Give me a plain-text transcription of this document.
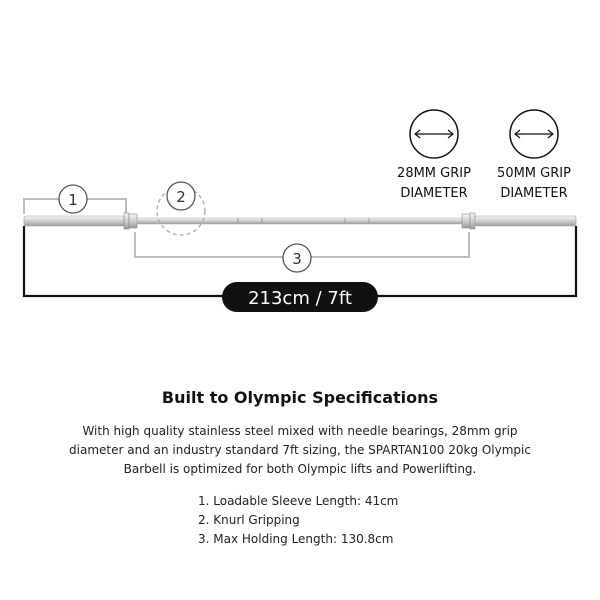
28MM GRIP
DIAMETER
50MM GRIP
DIAMETER
1
3
2
213cm / 7ft
Built to Olympic Specifications
With high quality stainless steel mixed with needle bearings, 28mm grip diameter and an industry standard 7ft sizing, the SPARTAN100 20kg Olympic Barbell is optimized for both Olympic lifts and Powerlifting.
1. Loadable Sleeve Length: 41cm
2. Knurl Gripping
3. Max Holding Length: 130.8cm
